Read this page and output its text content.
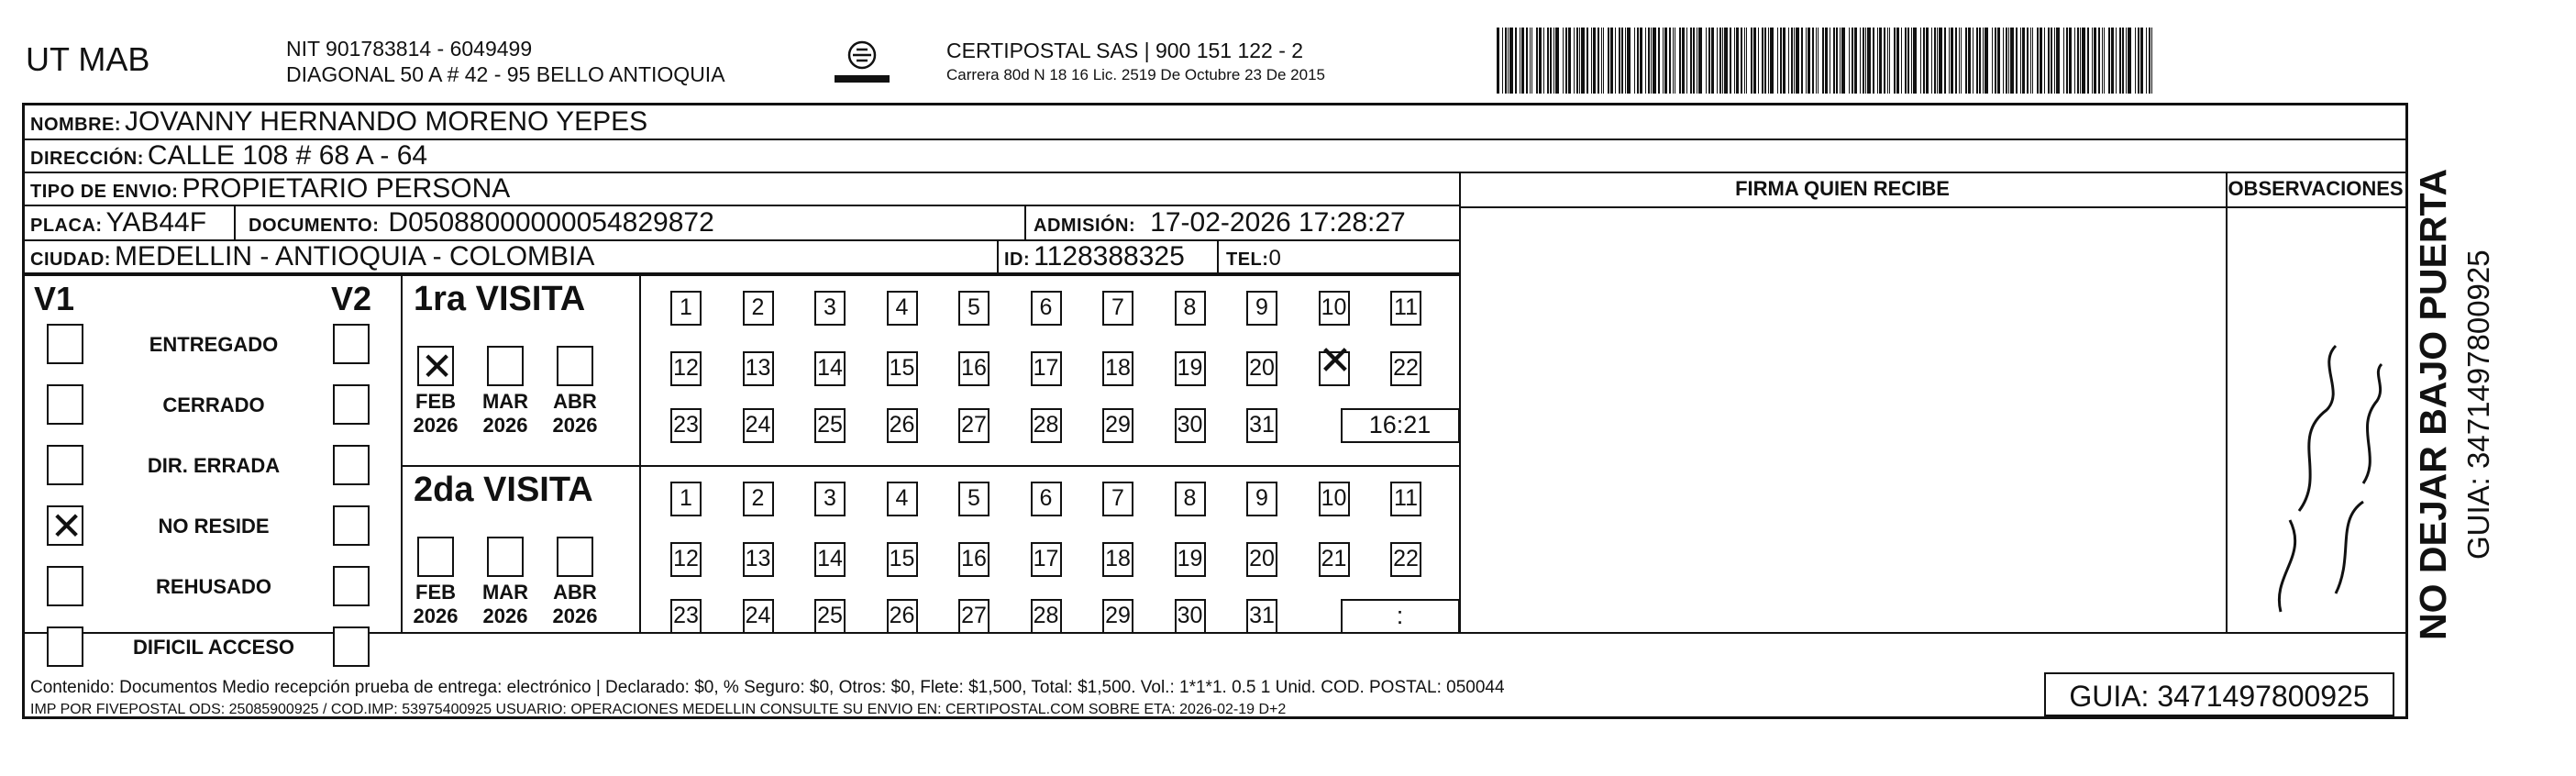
UT MAB	NIT 901783814 - 6049499
DIAGONAL 50 A # 42 - 95 BELLO ANTIOQUIA
CERTIPOSTAL SAS | 900 151 122 - 2
Carrera 80d N 18 16 Lic. 2519 De Octubre 23 De 2015
NOMBRE: JOVANNY HERNANDO MORENO YEPES
DIRECCIÓN: CALLE 108 # 68 A - 64
TIPO DE ENVIO: PROPIETARIO PERSONA
PLACA: YAB44F DOCUMENTO: D05088000000054829872	ADMISIÓN: 17-02-2026 17:28:27
CIUDAD: MEDELLIN - ANTIOQUIA - COLOMBIA	ID: 1128388325 TEL:0
FIRMA QUIEN RECIBE	OBSERVACIONES
V1	V2
ENTREGADO
CERRADO
DIR. ERRADA
✕
NO RESIDE
REHUSADO
DIFICIL ACCESO
1ra VISITA
✕
FEB
2026
MAR
2026
ABR
2026
1	2	3	4	5	6	7	8	9	10 11
12 13 14 15 16 17 18 19 20
✕	22
23 24 25 26 27 28 29 30 31	16:21
2da VISITA
FEB
2026
MAR
2026
ABR
2026
1	2	3	4	5	6	7	8	9	10 11
12 13 14 15 16 17 18 19 20 21 22
23 24 25 26 27 28 29 30 31	:
Contenido: Documentos Medio recepción prueba de entrega: electrónico | Declarado: $0, % Seguro: $0, Otros: $0, Flete: $1,500, Total: $1,500. Vol.: 1*1*1. 0.5 1 Unid. COD. POSTAL: 050044
IMP POR FIVEPOSTAL ODS: 25085900925 / COD.IMP: 53975400925 USUARIO: OPERACIONES MEDELLIN CONSULTE SU ENVIO EN: CERTIPOSTAL.COM SOBRE ETA: 2026-02-19 D+2	GUIA: 3471497800925
NO DEJAR BAJO PUERTA GUIA: 3471497800925
